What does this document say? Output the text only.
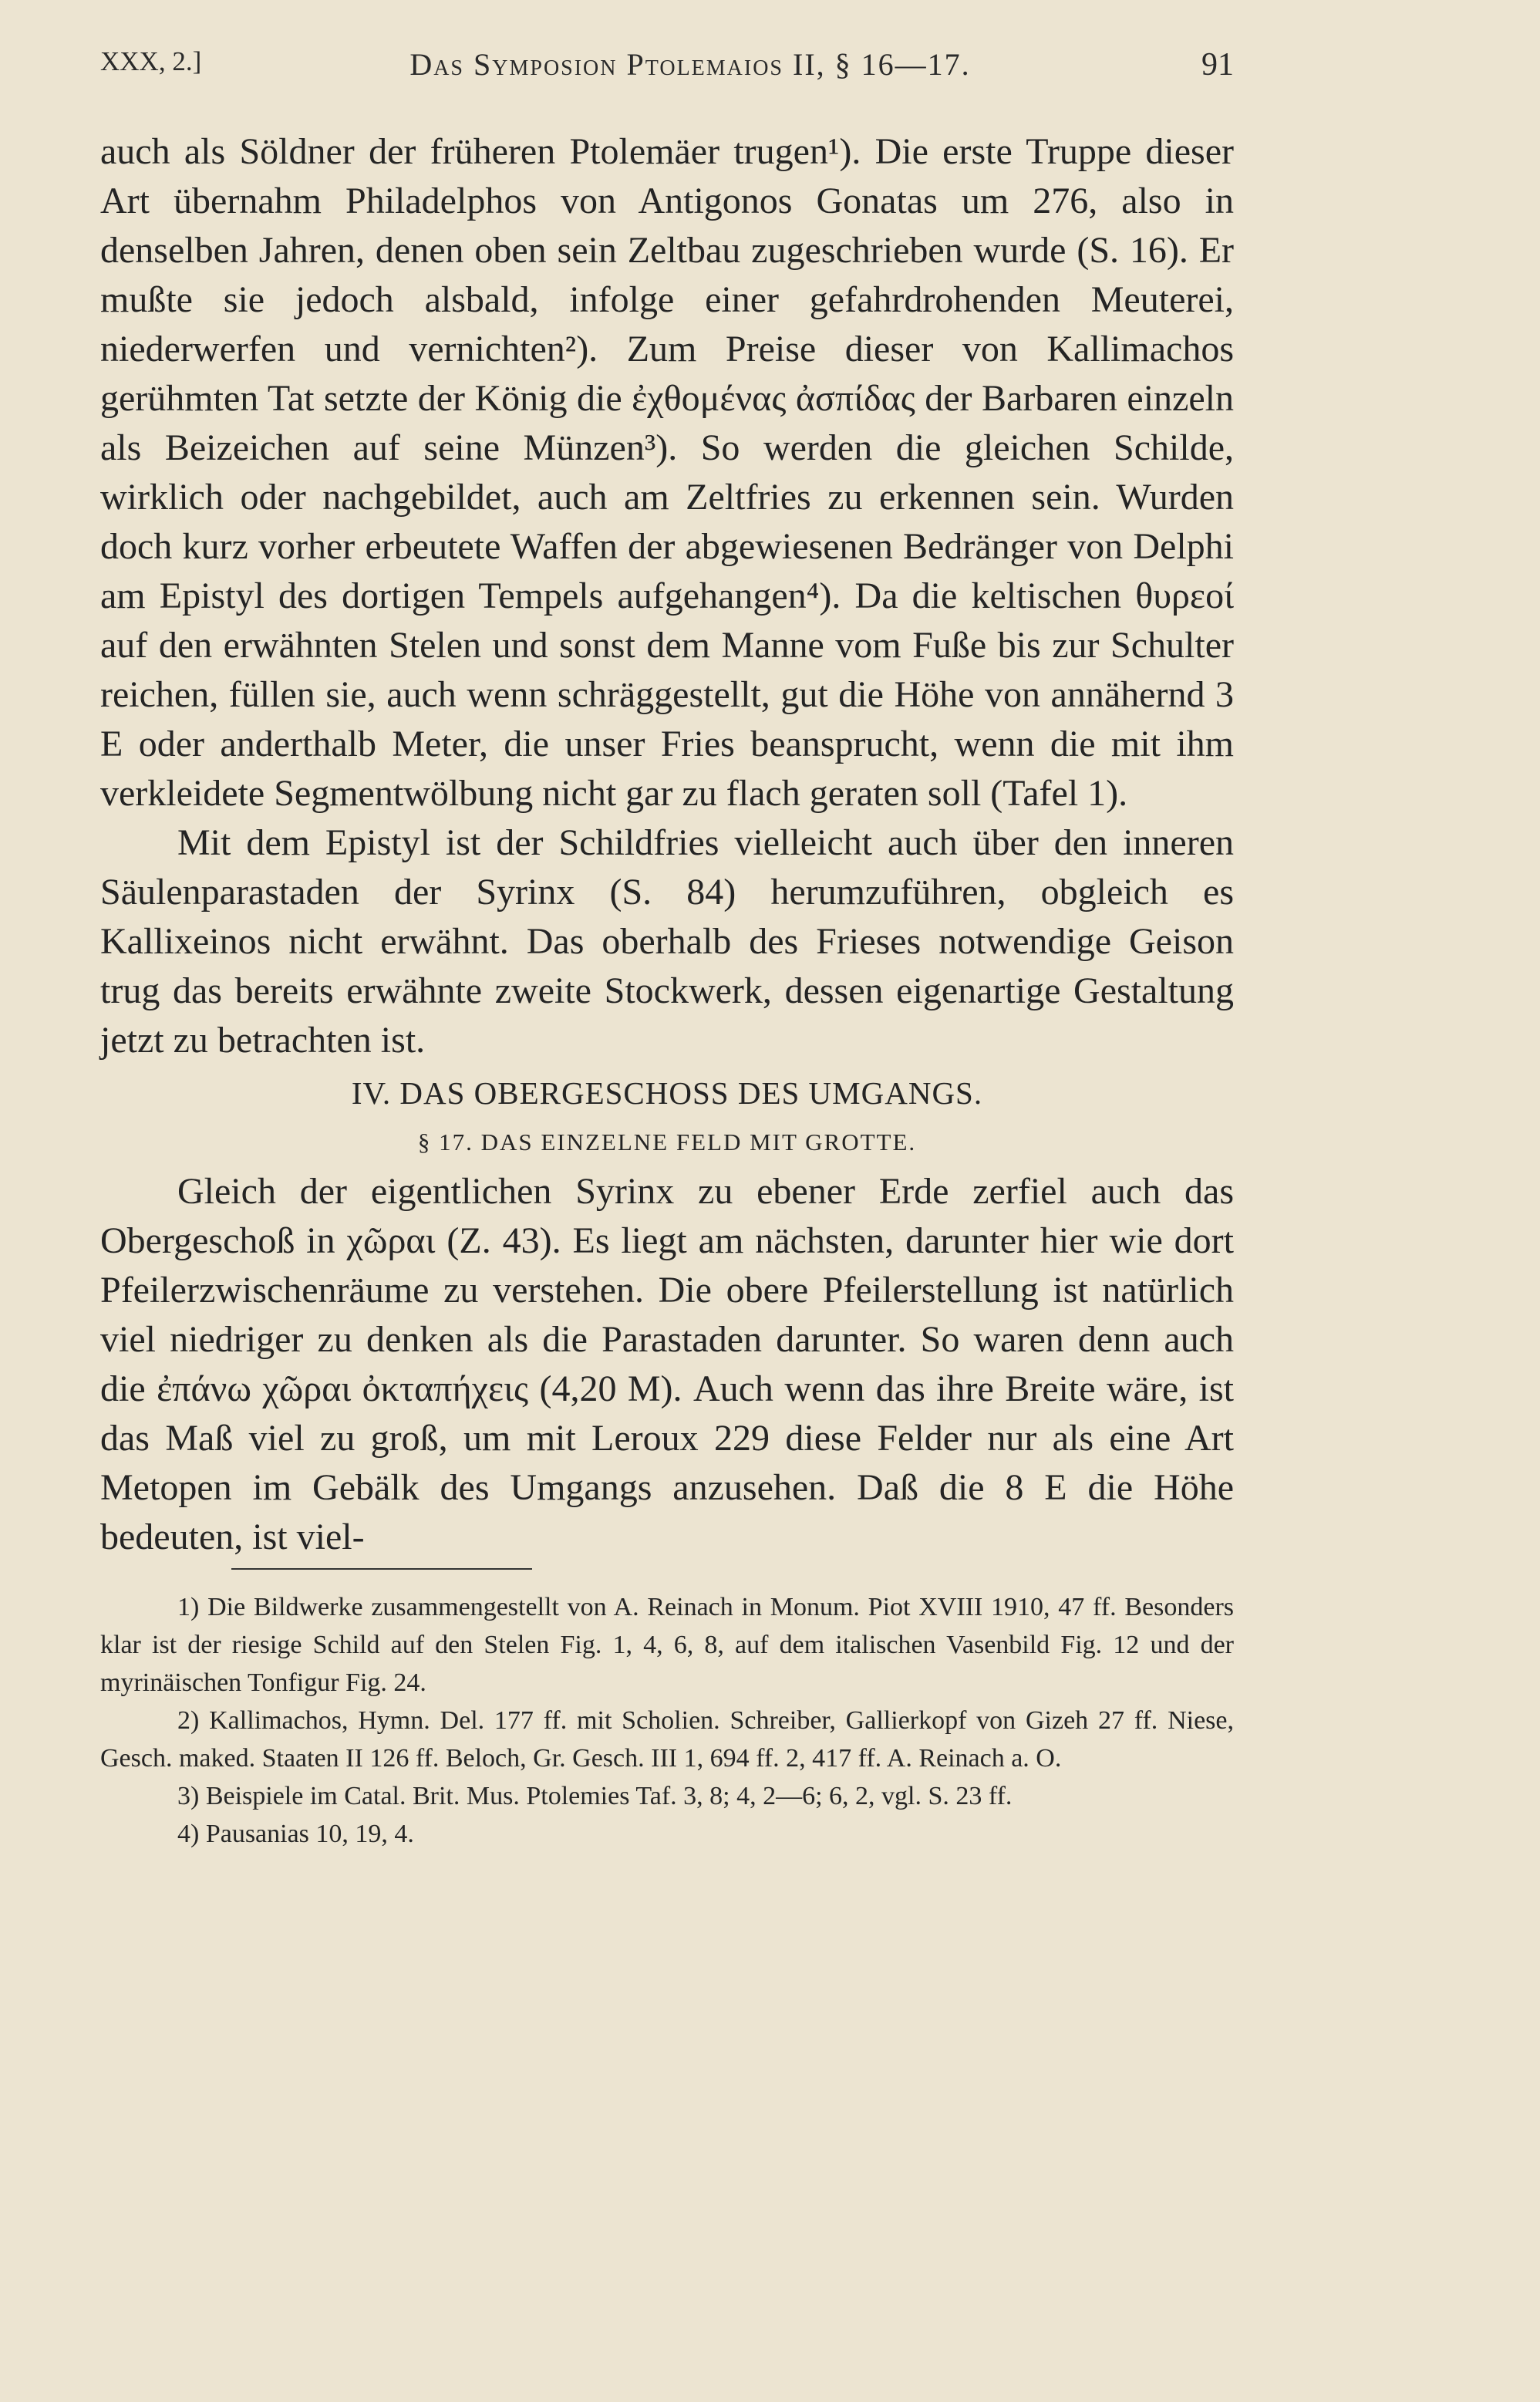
XXX, 2.]	Das Symposion Ptolemaios II, § 16—17.	91

auch als Söldner der früheren Ptolemäer trugen¹). Die erste Truppe dieser Art übernahm Philadelphos von Antigonos Gonatas um 276, also in denselben Jahren, denen oben sein Zeltbau zugeschrieben wurde (S. 16). Er mußte sie jedoch alsbald, infolge einer gefahrdrohenden Meuterei, niederwerfen und vernichten²). Zum Preise dieser von Kallimachos gerühmten Tat setzte der König die ἐχθομένας ἀσπίδας der Barbaren einzeln als Beizeichen auf seine Münzen³). So werden die gleichen Schilde, wirklich oder nachgebildet, auch am Zeltfries zu erkennen sein. Wurden doch kurz vorher erbeutete Waffen der abgewiesenen Bedränger von Delphi am Epistyl des dortigen Tempels aufgehangen⁴). Da die keltischen θυρεοί auf den erwähnten Stelen und sonst dem Manne vom Fuße bis zur Schulter reichen, füllen sie, auch wenn schräggestellt, gut die Höhe von annähernd 3 E oder anderthalb Meter, die unser Fries beansprucht, wenn die mit ihm verkleidete Segmentwölbung nicht gar zu flach geraten soll (Tafel 1).

Mit dem Epistyl ist der Schildfries vielleicht auch über den inneren Säulenparastaden der Syrinx (S. 84) herumzuführen, obgleich es Kallixeinos nicht erwähnt. Das oberhalb des Frieses notwendige Geison trug das bereits erwähnte zweite Stockwerk, dessen eigenartige Gestaltung jetzt zu betrachten ist.

IV. DAS OBERGESCHOSS DES UMGANGS.
§ 17. DAS EINZELNE FELD MIT GROTTE.

Gleich der eigentlichen Syrinx zu ebener Erde zerfiel auch das Obergeschoß in χῶραι (Z. 43). Es liegt am nächsten, darunter hier wie dort Pfeilerzwischenräume zu verstehen. Die obere Pfeilerstellung ist natürlich viel niedriger zu denken als die Parastaden darunter. So waren denn auch die ἐπάνω χῶραι ὀκταπήχεις (4,20 M). Auch wenn das ihre Breite wäre, ist das Maß viel zu groß, um mit Leroux 229 diese Felder nur als eine Art Metopen im Gebälk des Umgangs anzusehen. Daß die 8 E die Höhe bedeuten, ist viel-

1) Die Bildwerke zusammengestellt von A. Reinach in Monum. Piot XVIII 1910, 47 ff. Besonders klar ist der riesige Schild auf den Stelen Fig. 1, 4, 6, 8, auf dem italischen Vasenbild Fig. 12 und der myrinäischen Tonfigur Fig. 24.

2) Kallimachos, Hymn. Del. 177 ff. mit Scholien. Schreiber, Gallierkopf von Gizeh 27 ff. Niese, Gesch. maked. Staaten II 126 ff. Beloch, Gr. Gesch. III 1, 694 ff. 2, 417 ff. A. Reinach a. O.

3) Beispiele im Catal. Brit. Mus. Ptolemies Taf. 3, 8; 4, 2—6; 6, 2, vgl. S. 23 ff.

4) Pausanias 10, 19, 4.
